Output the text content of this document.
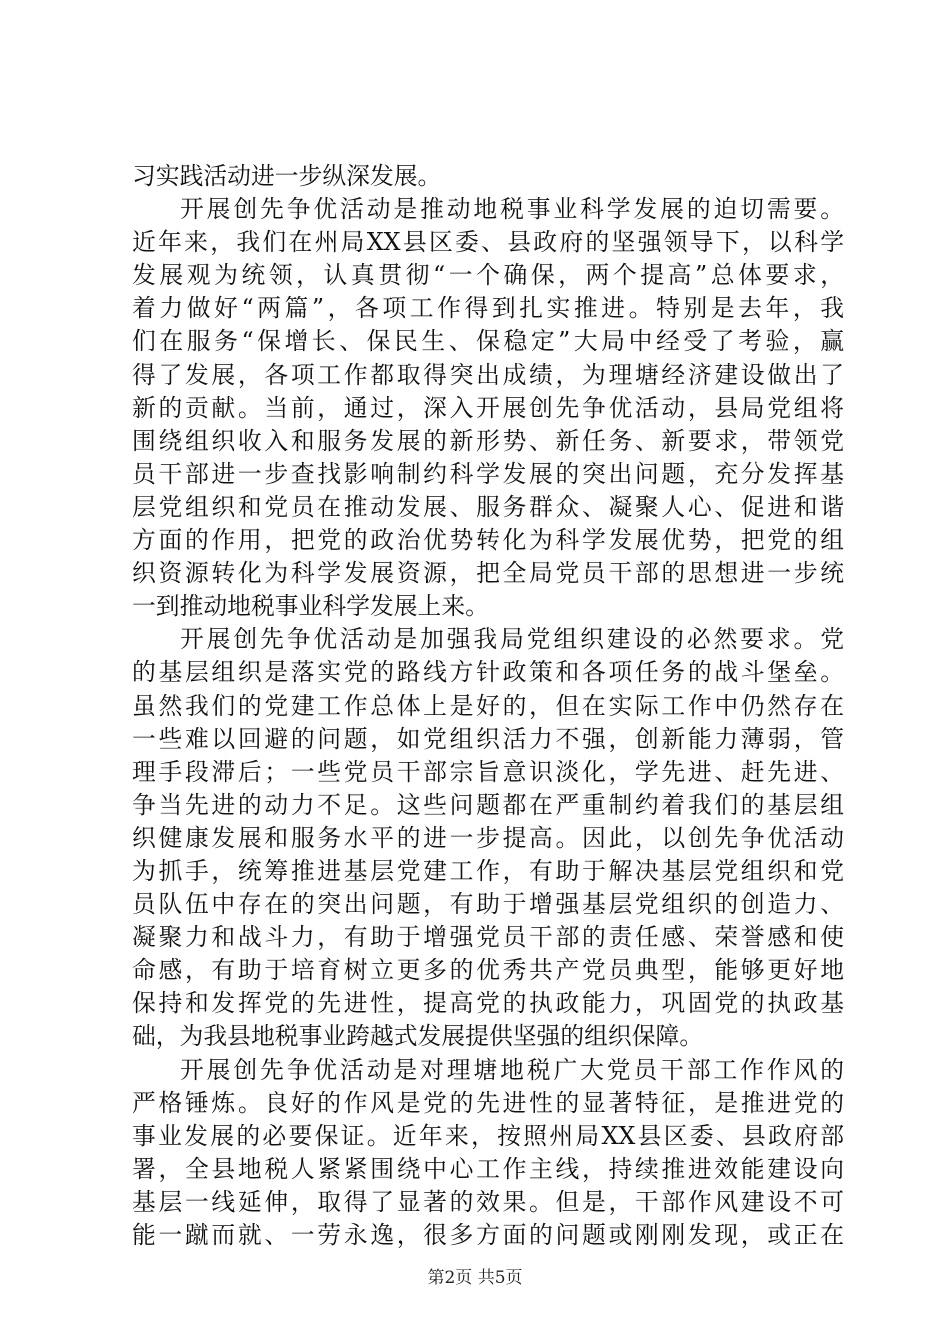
习实践活动进一步纵深发展。
开展创先争优活动是推动地税事业科学发展的迫切需要。
近年来，我们在州局XX县区委、县政府的坚强领导下，以科学
发展观为统领，认真贯彻“一个确保，两个提高”总体要求，
着力做好“两篇”，各项工作得到扎实推进。特别是去年，我
们在服务“保增长、保民生、保稳定”大局中经受了考验，赢
得了发展，各项工作都取得突出成绩，为理塘经济建设做出了
新的贡献。当前，通过，深入开展创先争优活动，县局党组将
围绕组织收入和服务发展的新形势、新任务、新要求，带领党
员干部进一步查找影响制约科学发展的突出问题，充分发挥基
层党组织和党员在推动发展、服务群众、凝聚人心、促进和谐
方面的作用，把党的政治优势转化为科学发展优势，把党的组
织资源转化为科学发展资源，把全局党员干部的思想进一步统
一到推动地税事业科学发展上来。
开展创先争优活动是加强我局党组织建设的必然要求。党
的基层组织是落实党的路线方针政策和各项任务的战斗堡垒。
虽然我们的党建工作总体上是好的，但在实际工作中仍然存在
一些难以回避的问题，如党组织活力不强，创新能力薄弱，管
理手段滞后；一些党员干部宗旨意识淡化，学先进、赶先进、
争当先进的动力不足。这些问题都在严重制约着我们的基层组
织健康发展和服务水平的进一步提高。因此，以创先争优活动
为抓手，统筹推进基层党建工作，有助于解决基层党组织和党
员队伍中存在的突出问题，有助于增强基层党组织的创造力、
凝聚力和战斗力，有助于增强党员干部的责任感、荣誉感和使
命感，有助于培育树立更多的优秀共产党员典型，能够更好地
保持和发挥党的先进性，提高党的执政能力，巩固党的执政基
础，为我县地税事业跨越式发展提供坚强的组织保障。
开展创先争优活动是对理塘地税广大党员干部工作作风的
严格锤炼。良好的作风是党的先进性的显著特征，是推进党的
事业发展的必要保证。近年来，按照州局XX县区委、县政府部
署，全县地税人紧紧围绕中心工作主线，持续推进效能建设向
基层一线延伸，取得了显著的效果。但是，干部作风建设不可
能一蹴而就、一劳永逸，很多方面的问题或刚刚发现，或正在
第2页 共5页
